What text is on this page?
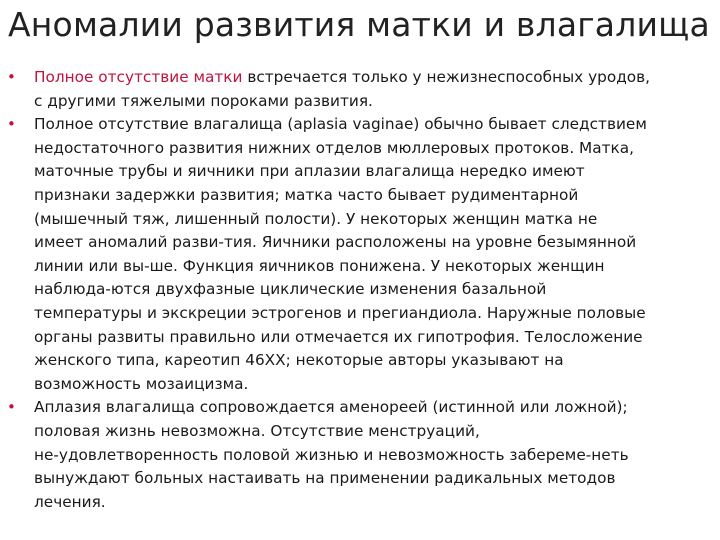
Аномалии развития матки и влагалища
• Полное отсутствие матки встречается только у нежизнеспособных уродов,
с другими тяжелыми пороками развития.
• Полное отсутствие влагалища (aplasia vaginae) обычно бывает следствием
недостаточного развития нижних отделов мюллеровых протоков. Матка,
маточные трубы и яичники при аплазии влагалища нередко имеют
признаки задержки развития; матка часто бывает рудиментарной
(мышечный тяж, лишенный полости). У некоторых женщин матка не
имеет аномалий разви-тия. Яичники расположены на уровне безымянной
линии или вы-ше. Функция яичников понижена. У некоторых женщин
наблюда-ются двухфазные циклические изменения базальной
температуры и экскреции эстрогенов и прегиандиола. Наружные половые
органы развиты правильно или отмечается их гипотрофия. Телосложение
женского типа, кареотип 46XX; некоторые авторы указывают на
возможность мозаицизма.
• Аплазия влагалища сопровождается аменореей (истинной или ложной);
половая жизнь невозможна. Отсутствие менструаций,
не-удовлетворенность половой жизнью и невозможность забереме-неть
вынуждают больных настаивать на применении радикальных методов
лечения.
